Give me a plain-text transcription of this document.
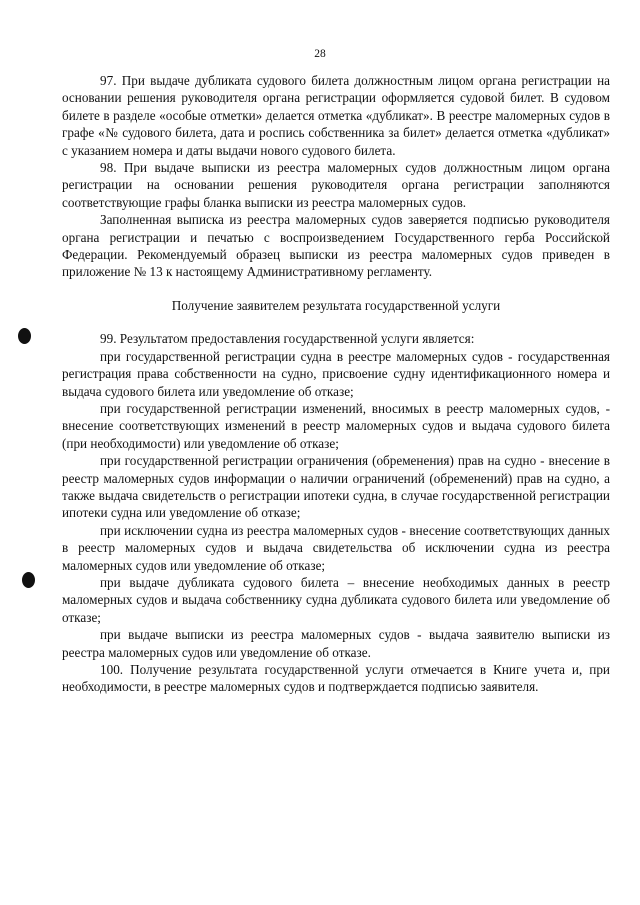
28

97. При выдаче дубликата судового билета должностным лицом органа регистрации на основании решения руководителя органа регистрации оформляется судовой билет. В судовом билете в разделе «особые отметки» делается отметка «дубликат». В реестре маломерных судов в графе «№ судового билета, дата и роспись собственника за билет» делается отметка «дубликат» с указанием номера и даты выдачи нового судового билета.

98. При выдаче выписки из реестра маломерных судов должностным лицом органа регистрации на основании решения руководителя органа регистрации заполняются соответствующие графы бланка выписки из реестра маломерных судов.

Заполненная выписка из реестра маломерных судов заверяется подписью руководителя органа регистрации и печатью с воспроизведением Государственного герба Российской Федерации. Рекомендуемый образец выписки из реестра маломерных судов приведен в приложение № 13 к настоящему Административному регламенту.

Получение заявителем результата государственной услуги

99. Результатом предоставления государственной услуги является:

при государственной регистрации судна в реестре маломерных судов - государственная регистрация права собственности на судно, присвоение судну идентификационного номера и выдача судового билета или уведомление об отказе;

при государственной регистрации изменений, вносимых в реестр маломерных судов, - внесение соответствующих изменений в реестр маломерных судов и выдача судового билета (при необходимости) или уведомление об отказе;

при государственной регистрации ограничения (обременения) прав на судно - внесение в реестр маломерных судов информации о наличии ограничений (обременений) прав на судно, а также выдача свидетельств о регистрации ипотеки судна, в случае государственной регистрации ипотеки судна или уведомление об отказе;

при исключении судна из реестра маломерных судов - внесение соответствующих данных в реестр маломерных судов и выдача свидетельства об исключении судна из реестра маломерных судов или уведомление об отказе;

при выдаче дубликата судового билета – внесение необходимых данных в реестр маломерных судов и выдача собственнику судна дубликата судового билета или уведомление об отказе;

при выдаче выписки из реестра маломерных судов - выдача заявителю выписки из реестра маломерных судов или уведомление об отказе.

100. Получение результата государственной услуги отмечается в Книге учета и, при необходимости, в реестре маломерных судов и подтверждается подписью заявителя.
